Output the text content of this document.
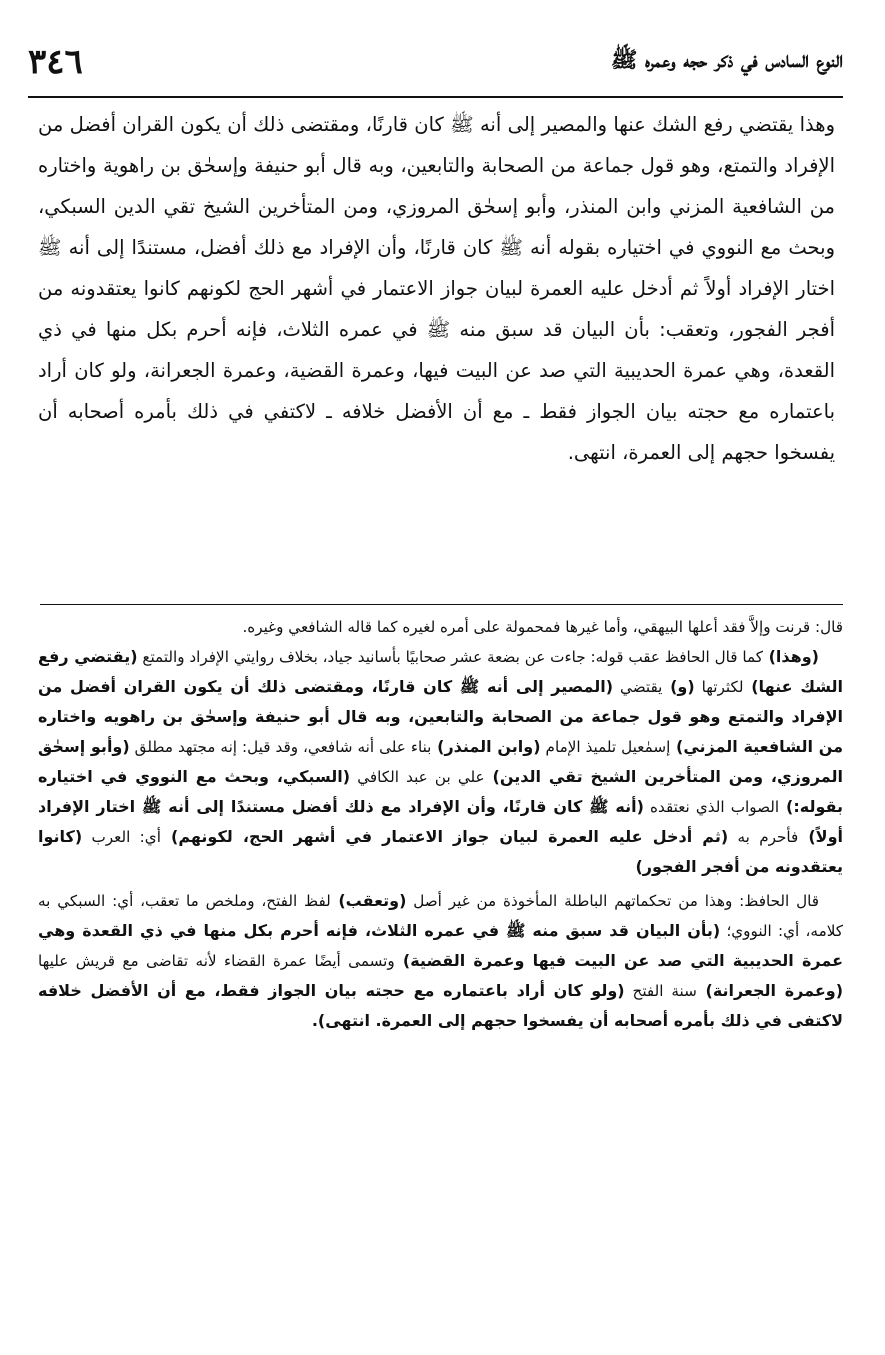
النوع السادس في ذكر حجه وعمره ﷺ
٣٤٦

وهذا يقتضي رفع الشك عنها والمصير إلى أنه ﷺ كان قارنًا، ومقتضى ذلك أن يكون القران أفضل من الإفراد والتمتع، وهو قول جماعة من الصحابة والتابعين، وبه قال أبو حنيفة وإسحٰق بن راهوية واختاره من الشافعية المزني وابن المنذر، وأبو إسحٰق المروزي، ومن المتأخرين الشيخ تقي الدين السبكي، وبحث مع النووي في اختياره بقوله أنه ﷺ كان قارنًا، وأن الإفراد مع ذلك أفضل، مستندًا إلى أنه ﷺ اختار الإفراد أولاً ثم أدخل عليه العمرة لبيان جواز الاعتمار في أشهر الحج لكونهم كانوا يعتقدونه من أفجر الفجور، وتعقب: بأن البيان قد سبق منه ﷺ في عمره الثلاث، فإنه أحرم بكل منها في ذي القعدة، وهي عمرة الحديبية التي صد عن البيت فيها، وعمرة القضية، وعمرة الجعرانة، ولو كان أراد باعتماره مع حجته بيان الجواز فقط ـ مع أن الأفضل خلافه ـ لاكتفي في ذلك بأمره أصحابه أن يفسخوا حجهم إلى العمرة، انتهى.

قال: قرنت وإلاَّ فقد أعلها البيهقي، وأما غيرها فمحمولة على أمره لغيره كما قاله الشافعي وغيره.

(وهذا) كما قال الحافظ عقب قوله: جاءت عن بضعة عشر صحابيًا بأسانيد جياد، بخلاف روايتي الإفراد والتمتع (يقتضي رفع الشك عنها) لكثرتها (و) يقتضي (المصير إلى أنه ﷺ كان قارنًا، ومقتضى ذلك أن يكون القران أفضل من الإفراد والتمتع وهو قول جماعة من الصحابة والتابعين، وبه قال أبو حنيفة وإسحٰق بن راهويه واختاره من الشافعية المزني) إسمٰعيل تلميذ الإمام (وابن المنذر) بناء على أنه شافعي، وقد قيل: إنه مجتهد مطلق (وأبو إسحٰق المروزي، ومن المتأخرين الشيخ تقي الدين) علي بن عبد الكافي (السبكي، وبحث مع النووي في اختياره بقوله:) الصواب الذي نعتقده (أنه ﷺ كان قارنًا، وأن الإفراد مع ذلك أفضل مستندًا إلى أنه ﷺ اختار الإفراد أولاً) فأحرم به (ثم أدخل عليه العمرة لبيان جواز الاعتمار في أشهر الحج، لكونهم) أي: العرب (كانوا يعتقدونه من أفجر الفجور)

قال الحافظ: وهذا من تحكماتهم الباطلة المأخوذة من غير أصل (وتعقب) لفظ الفتح، وملخص ما تعقب، أي: السبكي به كلامه، أي: النووي؛ (بأن البيان قد سبق منه ﷺ في عمره الثلاث، فإنه أحرم بكل منها في ذي القعدة وهي عمرة الحديبية التي صد عن البيت فيها وعمرة القضية) وتسمى أيضًا عمرة القضاء لأنه تقاضى مع قريش عليها (وعمرة الجعرانة) سنة الفتح (ولو كان أراد باعتماره مع حجته بيان الجواز فقط، مع أن الأفضل خلافه لاكتفى في ذلك بأمره أصحابه أن يفسخوا حجهم إلى العمرة. انتهى).
